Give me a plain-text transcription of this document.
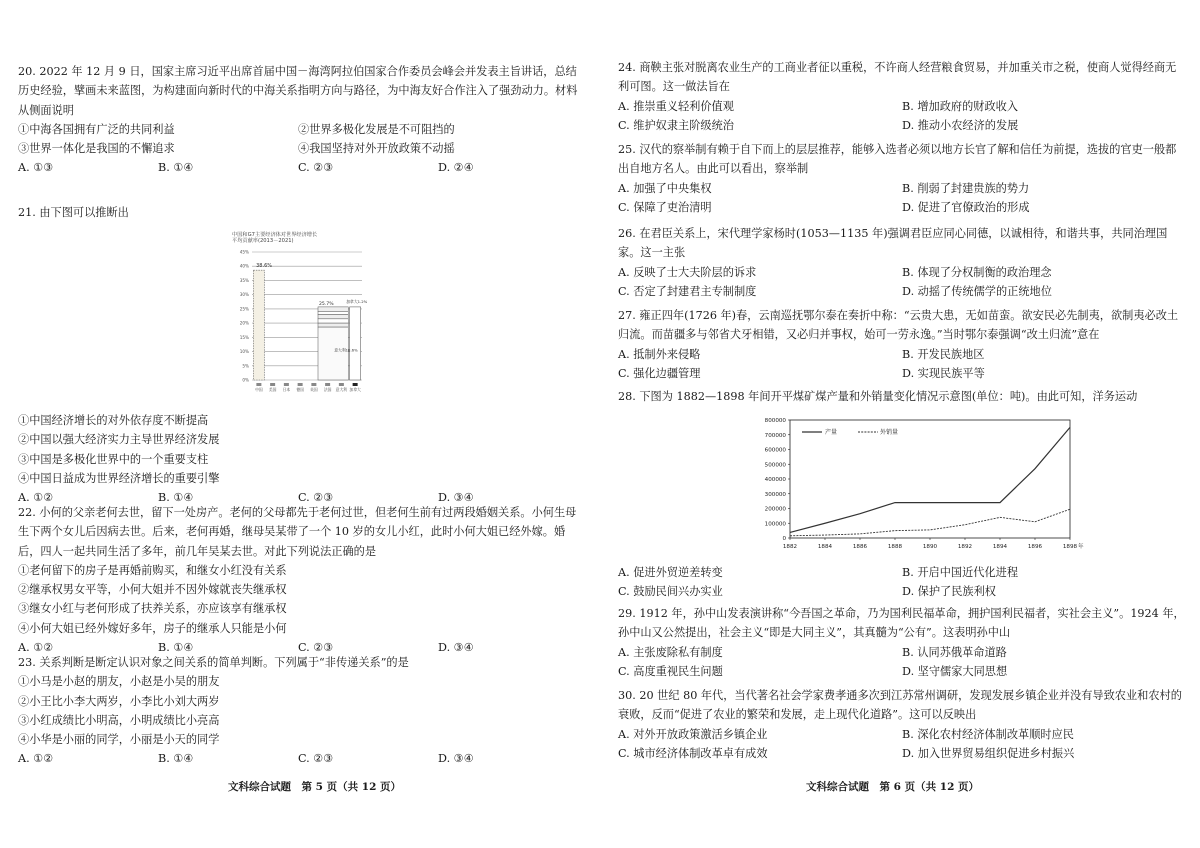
20. 2022 年 12 月 9 日，国家主席习近平出席首届中国－海湾阿拉伯国家合作委员会峰会并发表主旨讲话，总结历史经验，擘画未来蓝图，为构建面向新时代的中海关系指明方向与路径，为中海友好合作注入了强劲动力。材料从侧面说明
①中海各国拥有广泛的共同利益	②世界多极化发展是不可阻挡的
③世界一体化是我国的不懈追求	④我国坚持对外开放政策不动摇
A. ①③	B. ①④	C. ②③	D. ②④
21. 由下图可以推断出
中国和G7主要经济体对世界经济增长
平均贡献率(2013－2021)
0%
5%
10%
15%
20%
25%
30%
35%
40%
45%
38.6%
25.7%
加拿大1.2%
意大利18.6%
中国 美国 日本 德国 英国 法国 意大利 加拿大
①中国经济增长的对外依存度不断提高
②中国以强大经济实力主导世界经济发展
③中国是多极化世界中的一个重要支柱
④中国日益成为世界经济增长的重要引擎
A. ①②	B. ①④	C. ②③	D. ③④
22. 小何的父亲老何去世，留下一处房产。老何的父母都先于老何过世，但老何生前有过两段婚姻关系。小何生母生下两个女儿后因病去世。后来，老何再婚，继母吴某带了一个 10 岁的女儿小红，此时小何大姐已经外嫁。婚后，四人一起共同生活了多年，前几年吴某去世。对此下列说法正确的是
①老何留下的房子是再婚前购买，和继女小红没有关系
②继承权男女平等，小何大姐并不因外嫁就丧失继承权
③继女小红与老何形成了扶养关系，亦应该享有继承权
④小何大姐已经外嫁好多年，房子的继承人只能是小何
A. ①②	B. ①④	C. ②③	D. ③④
23. 关系判断是断定认识对象之间关系的简单判断。下列属于“非传递关系”的是
①小马是小赵的朋友，小赵是小吴的朋友
②小王比小李大两岁，小李比小刘大两岁
③小红成绩比小明高，小明成绩比小亮高
④小华是小丽的同学，小丽是小天的同学
A. ①②	B. ①④	C. ②③	D. ③④
文科综合试题　第 5 页（共 12 页）
24. 商鞅主张对脱离农业生产的工商业者征以重税，不许商人经营粮食贸易，并加重关市之税，使商人觉得经商无利可图。这一做法旨在
A. 推崇重义轻利价值观	B. 增加政府的财政收入
C. 维护奴隶主阶级统治	D. 推动小农经济的发展
25. 汉代的察举制有赖于自下而上的层层推荐，能够入选者必须以地方长官了解和信任为前提，选拔的官吏一般都出自地方名人。由此可以看出，察举制
A. 加强了中央集权	B. 削弱了封建贵族的势力
C. 保障了吏治清明	D. 促进了官僚政治的形成
26. 在君臣关系上，宋代理学家杨时(1053—1135 年)强调君臣应同心同德，以诚相待，和谐共事，共同治理国家。这一主张
A. 反映了士大夫阶层的诉求	B. 体现了分权制衡的政治理念
C. 否定了封建君主专制制度	D. 动摇了传统儒学的正统地位
27. 雍正四年(1726 年)春，云南巡抚鄂尔泰在奏折中称：“云贵大患，无如苗蛮。欲安民必先制夷，欲制夷必改土归流。而苗疆多与邻省犬牙相错，又必归并事权，始可一劳永逸。”当时鄂尔泰强调“改土归流”意在
A. 抵制外来侵略	B. 开发民族地区
C. 强化边疆管理	D. 实现民族平等
28. 下图为 1882—1898 年间开平煤矿煤产量和外销量变化情况示意图(单位：吨)。由此可知，洋务运动
0
100000
200000
300000
400000
500000
600000
700000
800000
1882	1884	1886	1888	1890	1892	1894	1896	1898 年
产量	外销量
A. 促进外贸逆差转变	B. 开启中国近代化进程
C. 鼓励民间兴办实业	D. 保护了民族利权
29. 1912 年，孙中山发表演讲称“今吾国之革命，乃为国利民福革命，拥护国利民福者，实社会主义”。1924 年，孙中山又公然提出，社会主义“即是大同主义”，其真髓为“公有”。这表明孙中山
A. 主张废除私有制度	B. 认同苏俄革命道路
C. 高度重视民生问题	D. 坚守儒家大同思想
30. 20 世纪 80 年代，当代著名社会学家费孝通多次到江苏常州调研，发现发展乡镇企业并没有导致农业和农村的衰败，反而“促进了农业的繁荣和发展，走上现代化道路”。这可以反映出
A. 对外开放政策激活乡镇企业	B. 深化农村经济体制改革顺时应民
C. 城市经济体制改革卓有成效	D. 加入世界贸易组织促进乡村振兴
文科综合试题　第 6 页（共 12 页）
